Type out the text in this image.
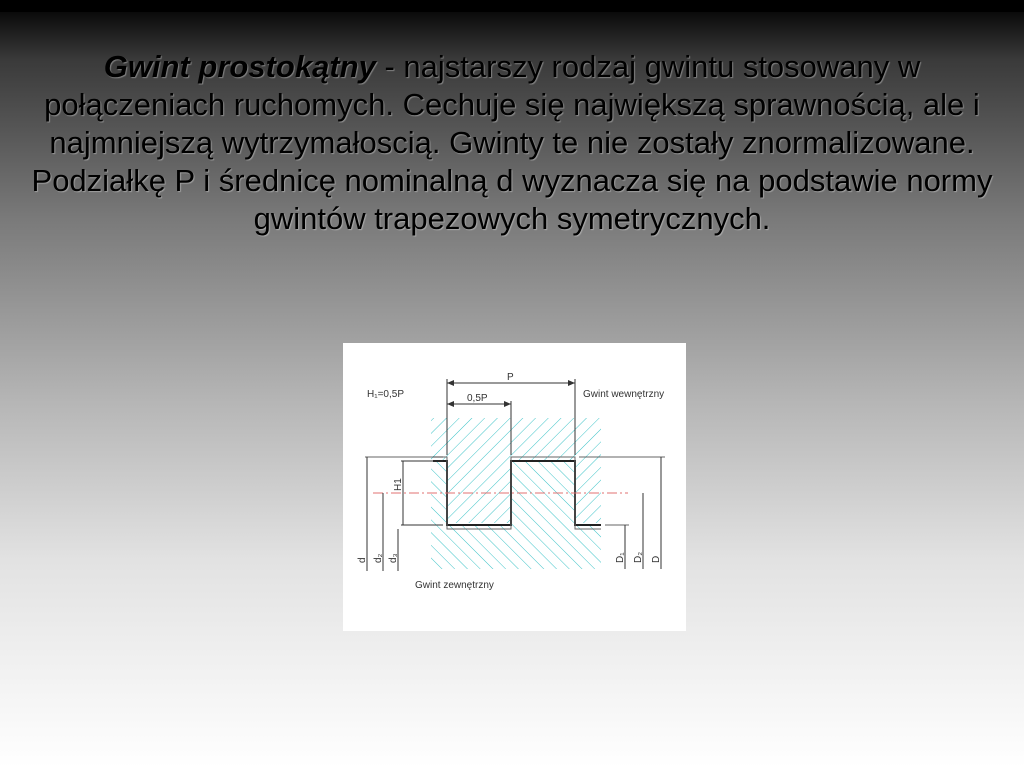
Gwint prostokątny - najstarszy rodzaj gwintu stosowany w połączeniach ruchomych. Cechuje się największą sprawnością, ale i najmniejszą wytrzymałoscią. Gwinty te nie zostały znormalizowane. Podziałkę P i średnicę nominalną d wyznacza się na podstawie normy gwintów trapezowych symetrycznych.
P
0,5P
H₁=0,5P	Gwint wewnętrzny
H1
d d₂ d₃	D₁ D₂ D
Gwint zewnętrzny
